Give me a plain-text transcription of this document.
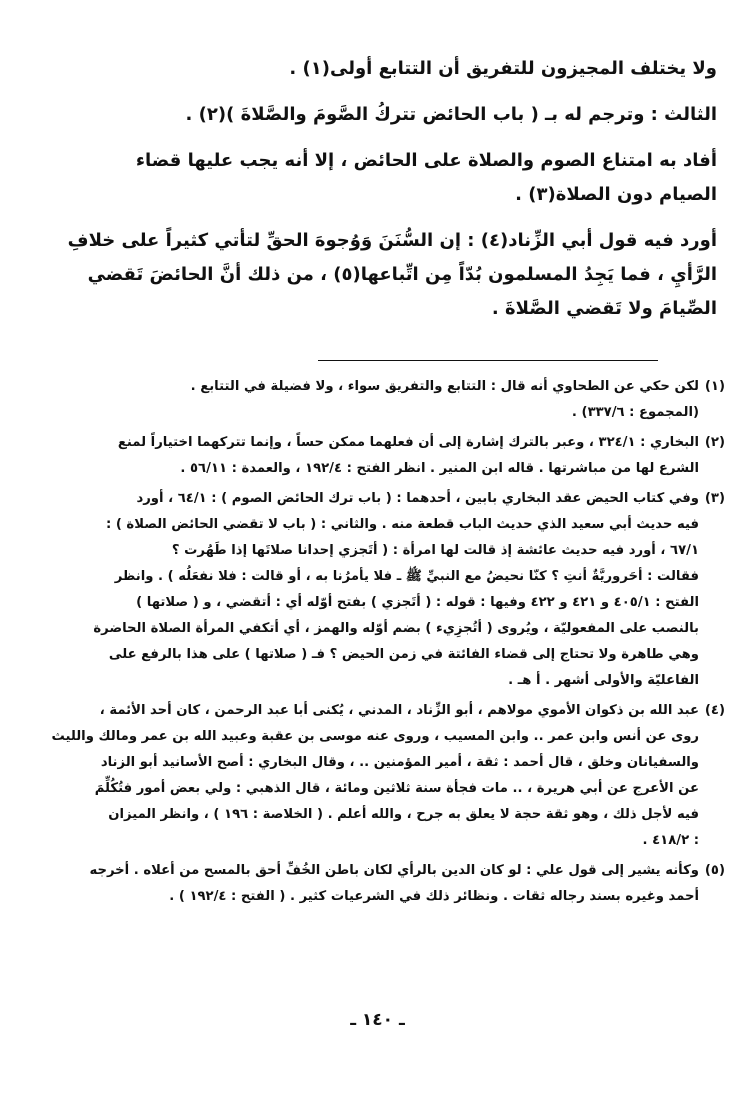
ولا يختلف المجيزون للتفريق أن التتابع أولى(١) .

الثالث : وترجم له بـ ( باب الحائض تتركُ الصَّومَ والصَّلاةَ )(٢) .

أفاد به امتناع الصوم والصلاة على الحائض ، إلا أنه يجب عليها قضاء

الصيام دون الصلاة(٣) .

أورد فيه قول أبي الزِّناد(٤) : إن السُّنَنَ وَوُجوهَ الحقِّ لتأتي كثيراً على خلافِ

الرَّأيِ ، فما يَجِدُ المسلمون بُدّاً مِن اتِّباعها(٥) ، من ذلك أنَّ الحائضَ تَقضي

الصِّيامَ ولا تَقضي الصَّلاةَ .

(١)
لكن حكي عن الطحاوي أنه قال : التتابع والتفريق سواء ، ولا فضيلة في التتابع .
(المجموع : ٣٣٧/٦) .
(٢)
البخاري : ٣٢٤/١ ، وعبر بالترك إشارة إلى أن فعلهما ممكن حساً ، وإنما تتركهما اختياراً لمنع
الشرع لها من مباشرتها . قاله ابن المنير . انظر الفتح : ١٩٢/٤ ، والعمدة : ٥٦/١١ .
(٣)
وفي كتاب الحيض عقد البخاري بابين ، أحدهما : ( باب ترك الحائض الصوم ) : ٦٤/١ ، أورد
فيه حديث أبي سعيد الذي حديث الباب قطعة منه . والثاني : ( باب لا تقضي الحائض الصلاة ) :
٦٧/١ ، أورد فيه حديث عائشة إذ قالت لها امرأة : ( أتَجزي إحدانا صلاتَها إذا طَهُرت ؟
فقالت : أحَروريَّةٌ أنتِ ؟ كنّا نحيضُ مع النبيِّ ﷺ ـ فلا يأمرُنا به ، أو قالت : فلا نفعَلُه ) . وانظر
الفتح : ٤٠٥/١ و ٤٢١ و ٤٢٢ وفيها : قوله : ( أتَجزي ) بفتح أوّله أي : أتقضي ، و ( صلاتها )
بالنصب على المفعوليّة ، ويُروى ( أتُجزِيء ) بضم أوّله والهمز ، أي أتكفي المرأة الصلاة الحاضرة
وهي طاهرة ولا تحتاج إلى قضاء الفائتة في زمن الحيض ؟ فـ ( صلاتها ) على هذا بالرفع على
الفاعليّة والأولى أشهر . أ هـ .
(٤)
عبد الله بن ذكوان الأموي مولاهم ، أبو الزِّناد ، المدني ، يُكنى أبا عبد الرحمن ، كان أحد الأئمة ،
روى عن أنس وابن عمر .. وابن المسيب ، وروى عنه موسى بن عقبة وعبيد الله بن عمر ومالك والليث
والسفيانان وخلق ، قال أحمد : ثقة ، أمير المؤمنين .. ، وقال البخاري : أصح الأسانيد أبو الزناد
عن الأعرج عن أبي هريرة ، .. مات فجأة سنة ثلاثين ومائة ، قال الذهبي : ولي بعض أمور فتُكُلِّمَ
فيه لأجل ذلك ، وهو ثقة حجة لا يعلق به جرح ، والله أعلم . ( الخلاصة : ١٩٦ ) ، وانظر الميزان
: ٤١٨/٢ .
(٥)
وكأنه يشير إلى قول علي : لو كان الدين بالرأي لكان باطن الخُفِّ أحق بالمسح من أعلاه . أخرجه
أحمد وغيره بسند رجاله ثقات . ونظائر ذلك في الشرعيات كثير . ( الفتح : ١٩٢/٤ ) .
ـ ١٤٠ ـ
